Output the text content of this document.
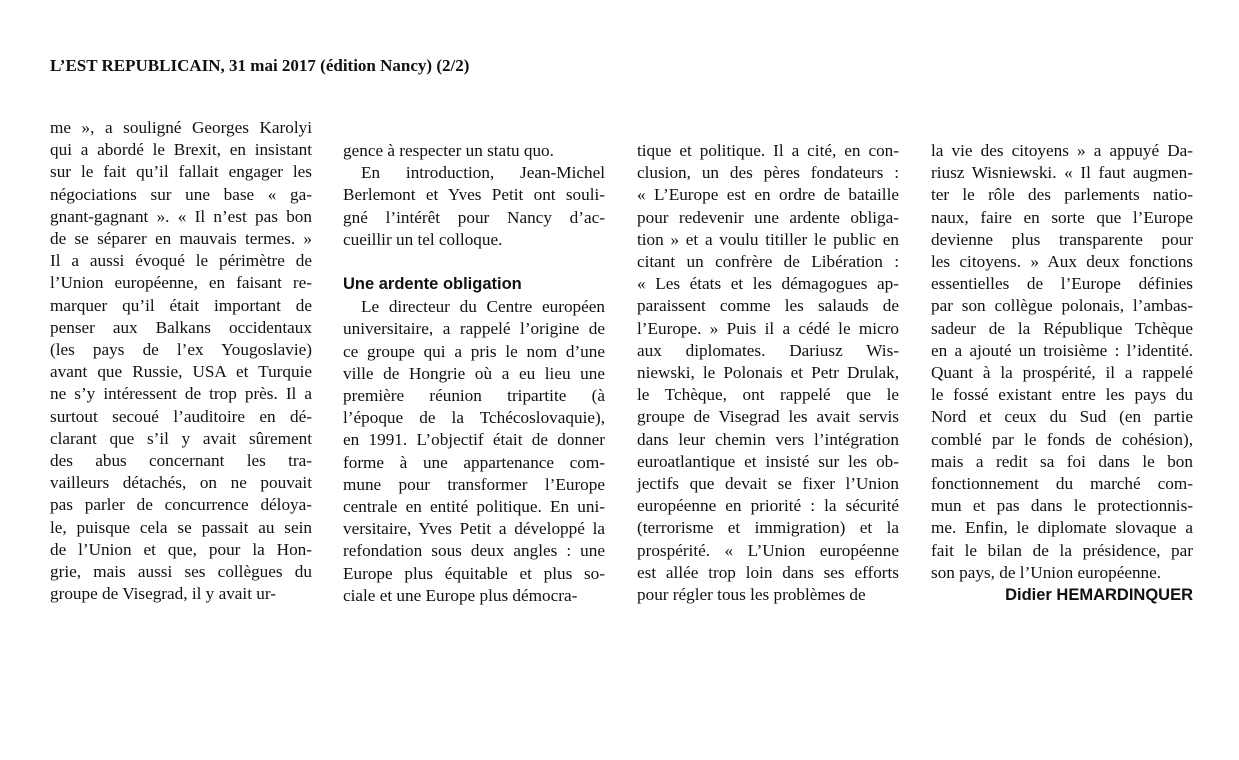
L’EST REPUBLICAIN, 31 mai 2017 (édition Nancy) (2/2)
me », a souligné Georges Karolyi
qui a abordé le Brexit, en insistant
sur le fait qu’il fallait engager les
négociations sur une base « ga-
gnant-gagnant ». « Il n’est pas bon
de se séparer en mauvais termes. »
Il a aussi évoqué le périmètre de
l’Union européenne, en faisant re-
marquer qu’il était important de
penser aux Balkans occidentaux
(les pays de l’ex Yougoslavie)
avant que Russie, USA et Turquie
ne s’y intéressent de trop près. Il a
surtout secoué l’auditoire en dé-
clarant que s’il y avait sûrement
des abus concernant les tra-
vailleurs détachés, on ne pouvait
pas parler de concurrence déloya-
le, puisque cela se passait au sein
de l’Union et que, pour la Hon-
grie, mais aussi ses collègues du
groupe de Visegrad, il y avait ur-
gence à respecter un statu quo.
En introduction, Jean-Michel
Berlemont et Yves Petit ont souli-
gné l’intérêt pour Nancy d’ac-
cueillir un tel colloque.
Une ardente obligation
Le directeur du Centre européen
universitaire, a rappelé l’origine de
ce groupe qui a pris le nom d’une
ville de Hongrie où a eu lieu une
première réunion tripartite (à
l’époque de la Tchécoslovaquie),
en 1991. L’objectif était de donner
forme à une appartenance com-
mune pour transformer l’Europe
centrale en entité politique. En uni-
versitaire, Yves Petit a développé la
refondation sous deux angles : une
Europe plus équitable et plus so-
ciale et une Europe plus démocra-
tique et politique. Il a cité, en con-
clusion, un des pères fondateurs :
« L’Europe est en ordre de bataille
pour redevenir une ardente obliga-
tion » et a voulu titiller le public en
citant un confrère de Libération :
« Les états et les démagogues ap-
paraissent comme les salauds de
l’Europe. » Puis il a cédé le micro
aux diplomates. Dariusz Wis-
niewski, le Polonais et Petr Drulak,
le Tchèque, ont rappelé que le
groupe de Visegrad les avait servis
dans leur chemin vers l’intégration
euroatlantique et insisté sur les ob-
jectifs que devait se fixer l’Union
européenne en priorité : la sécurité
(terrorisme et immigration) et la
prospérité. « L’Union européenne
est allée trop loin dans ses efforts
pour régler tous les problèmes de
la vie des citoyens » a appuyé Da-
riusz Wisniewski. « Il faut augmen-
ter le rôle des parlements natio-
naux, faire en sorte que l’Europe
devienne plus transparente pour
les citoyens. » Aux deux fonctions
essentielles de l’Europe définies
par son collègue polonais, l’ambas-
sadeur de la République Tchèque
en a ajouté un troisième : l’identité.
Quant à la prospérité, il a rappelé
le fossé existant entre les pays du
Nord et ceux du Sud (en partie
comblé par le fonds de cohésion),
mais a redit sa foi dans le bon
fonctionnement du marché com-
mun et pas dans le protectionnis-
me. Enfin, le diplomate slovaque a
fait le bilan de la présidence, par
son pays, de l’Union européenne.
Didier HEMARDINQUER
